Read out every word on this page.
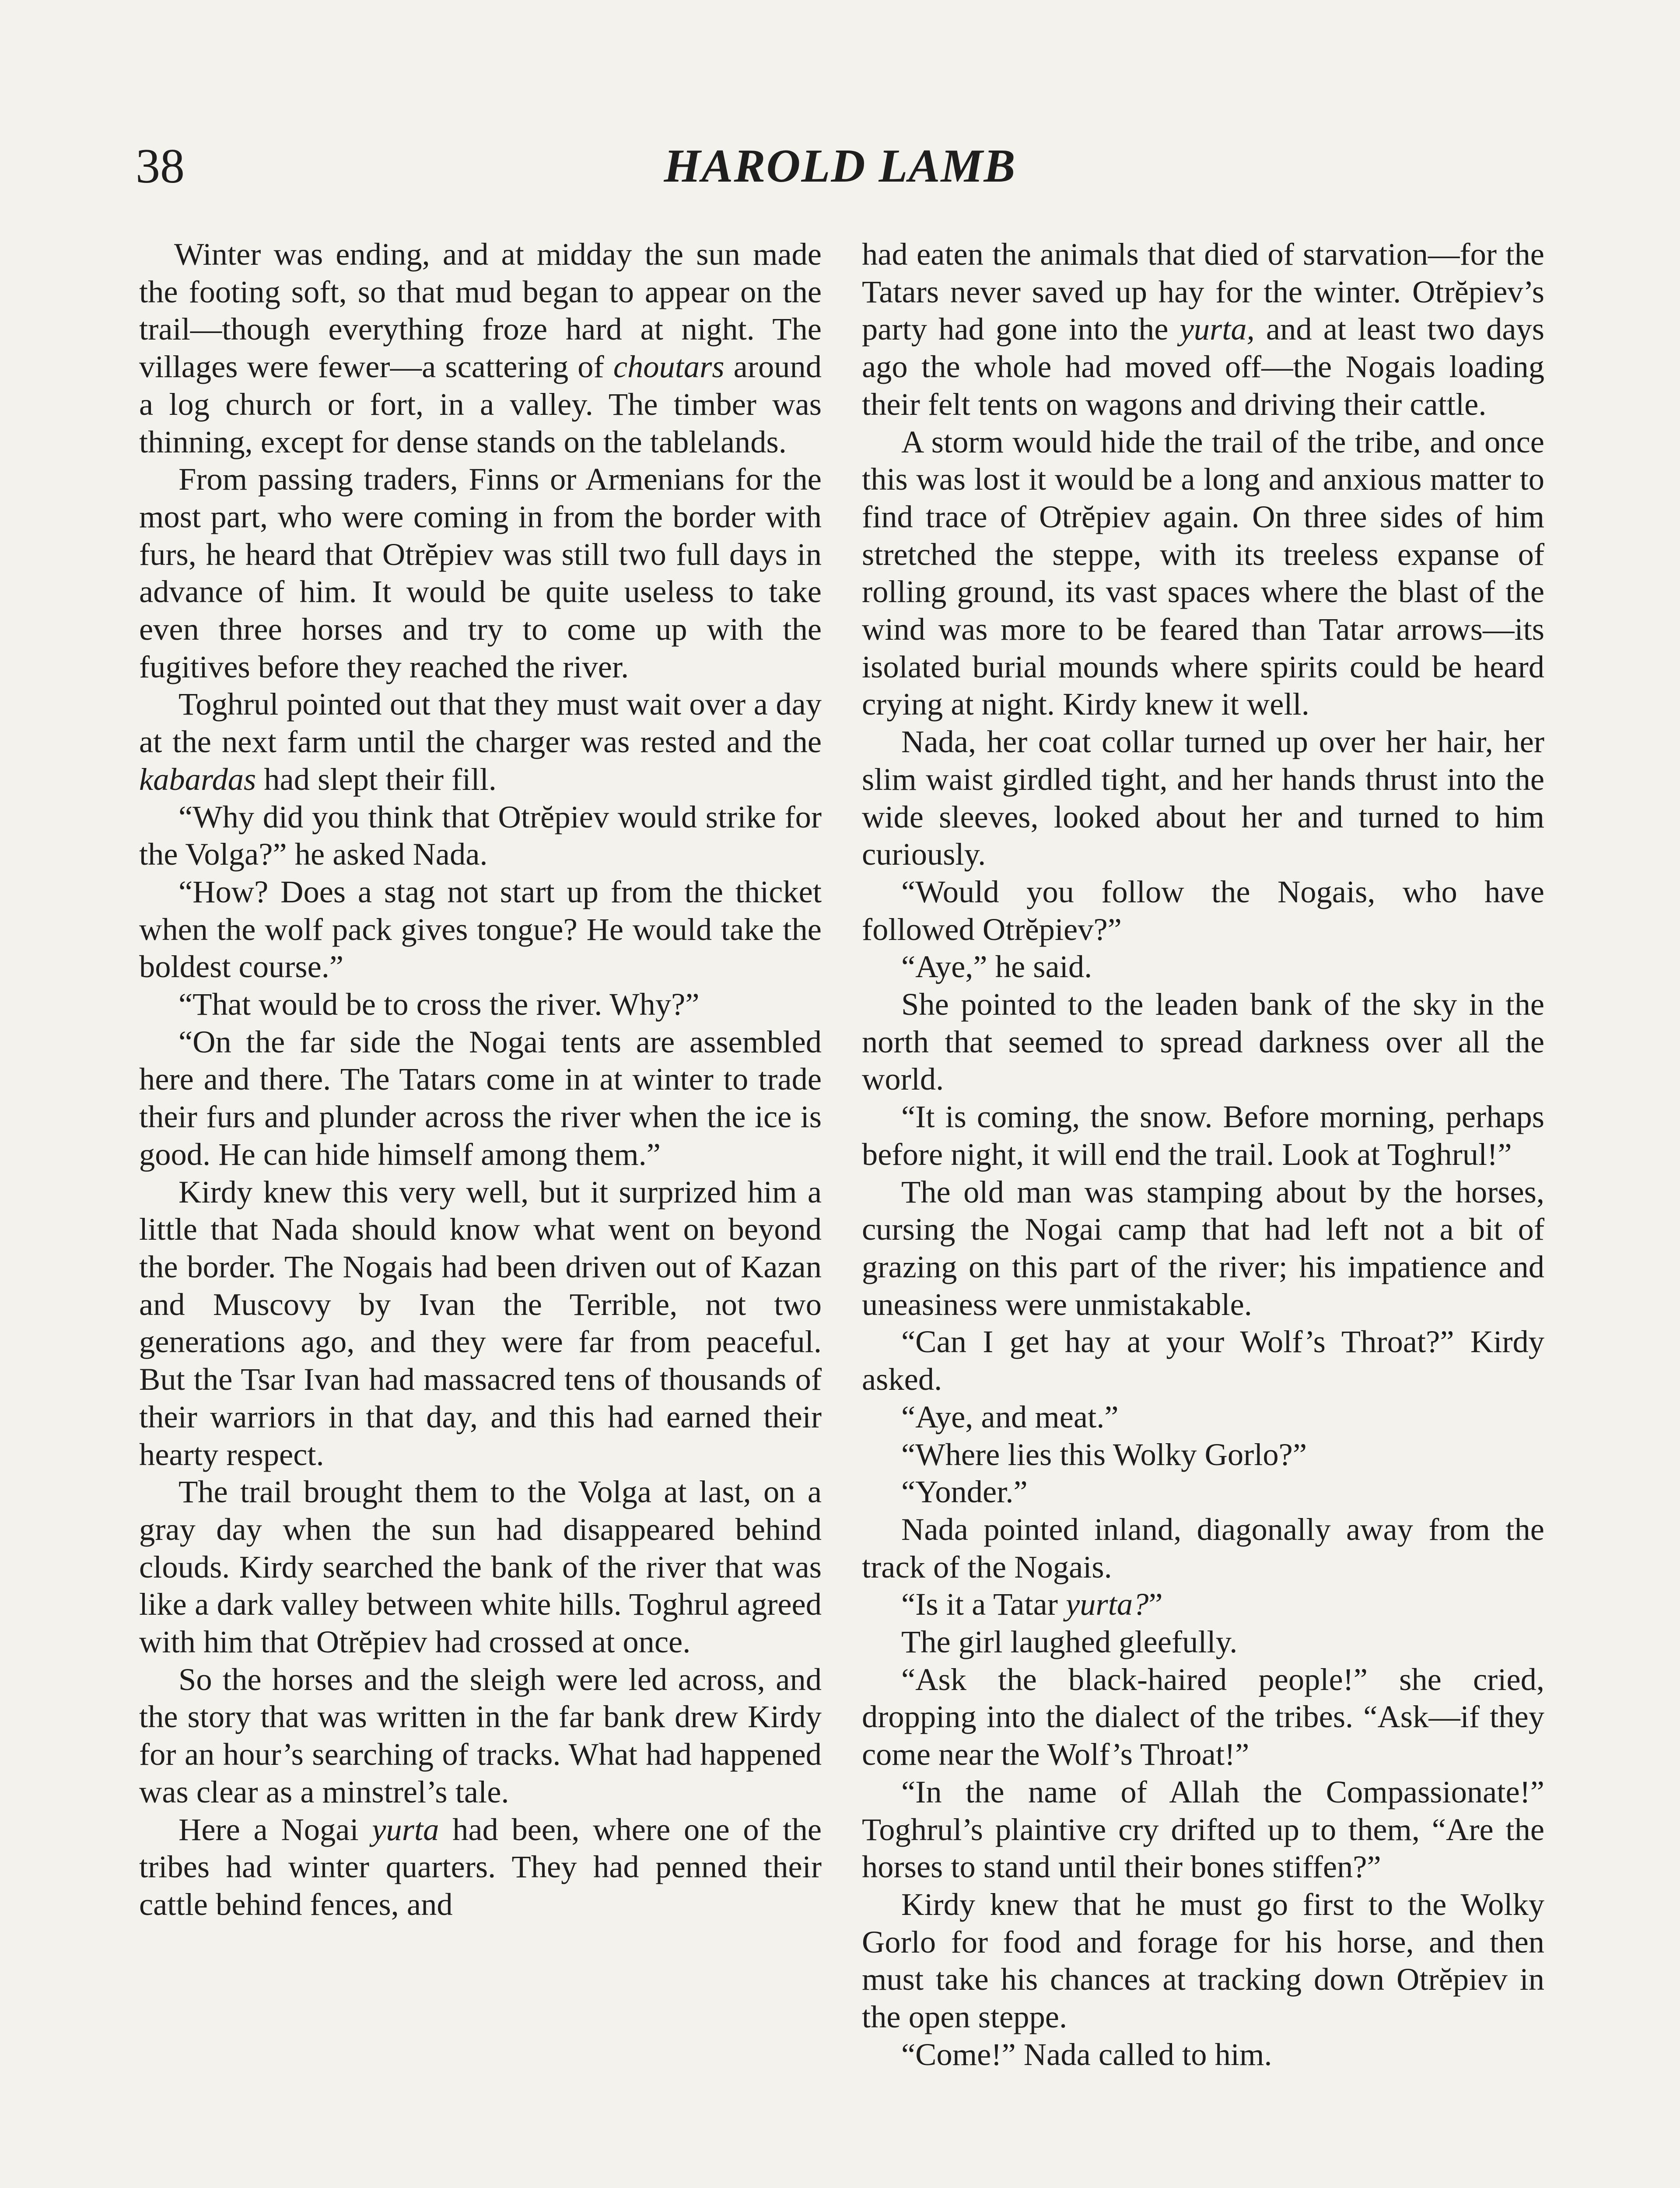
38	HAROLD LAMB

Winter was ending, and at midday the sun made the footing soft, so that mud began to appear on the trail—though everything froze hard at night. The villages were fewer—a scattering of choutars around a log church or fort, in a valley. The timber was thinning, except for dense stands on the tablelands.

From passing traders, Finns or Armenians for the most part, who were coming in from the border with furs, he heard that Otrĕpiev was still two full days in advance of him. It would be quite useless to take even three horses and try to come up with the fugitives before they reached the river.

Toghrul pointed out that they must wait over a day at the next farm until the charger was rested and the kabardas had slept their fill.

“Why did you think that Otrĕpiev would strike for the Volga?” he asked Nada.

“How? Does a stag not start up from the thicket when the wolf pack gives tongue? He would take the boldest course.”

“That would be to cross the river. Why?”

“On the far side the Nogai tents are assembled here and there. The Tatars come in at winter to trade their furs and plunder across the river when the ice is good. He can hide himself among them.”

Kirdy knew this very well, but it surprized him a little that Nada should know what went on beyond the border. The Nogais had been driven out of Kazan and Muscovy by Ivan the Terrible, not two generations ago, and they were far from peaceful. But the Tsar Ivan had massacred tens of thousands of their warriors in that day, and this had earned their hearty respect.

The trail brought them to the Volga at last, on a gray day when the sun had disappeared behind clouds. Kirdy searched the bank of the river that was like a dark valley between white hills. Toghrul agreed with him that Otrĕpiev had crossed at once.

So the horses and the sleigh were led across, and the story that was written in the far bank drew Kirdy for an hour’s searching of tracks. What had happened was clear as a minstrel’s tale.

Here a Nogai yurta had been, where one of the tribes had winter quarters. They had penned their cattle behind fences, and

had eaten the animals that died of starvation—for the Tatars never saved up hay for the winter. Otrĕpiev’s party had gone into the yurta, and at least two days ago the whole had moved off—the Nogais loading their felt tents on wagons and driving their cattle.

A storm would hide the trail of the tribe, and once this was lost it would be a long and anxious matter to find trace of Otrĕpiev again. On three sides of him stretched the steppe, with its treeless expanse of rolling ground, its vast spaces where the blast of the wind was more to be feared than Tatar arrows—its isolated burial mounds where spirits could be heard crying at night. Kirdy knew it well.

Nada, her coat collar turned up over her hair, her slim waist girdled tight, and her hands thrust into the wide sleeves, looked about her and turned to him curiously.

“Would you follow the Nogais, who have followed Otrĕpiev?”

“Aye,” he said.

She pointed to the leaden bank of the sky in the north that seemed to spread darkness over all the world.

“It is coming, the snow. Before morning, perhaps before night, it will end the trail. Look at Toghrul!”

The old man was stamping about by the horses, cursing the Nogai camp that had left not a bit of grazing on this part of the river; his impatience and uneasiness were unmistakable.

“Can I get hay at your Wolf’s Throat?” Kirdy asked.

“Aye, and meat.”

“Where lies this Wolky Gorlo?”

“Yonder.”

Nada pointed inland, diagonally away from the track of the Nogais.

“Is it a Tatar yurta?”

The girl laughed gleefully.

“Ask the black-haired people!” she cried, dropping into the dialect of the tribes. “Ask—if they come near the Wolf’s Throat!”

“In the name of Allah the Compassionate!” Toghrul’s plaintive cry drifted up to them, “Are the horses to stand until their bones stiffen?”

Kirdy knew that he must go first to the Wolky Gorlo for food and forage for his horse, and then must take his chances at tracking down Otrĕpiev in the open steppe.

“Come!” Nada called to him.
